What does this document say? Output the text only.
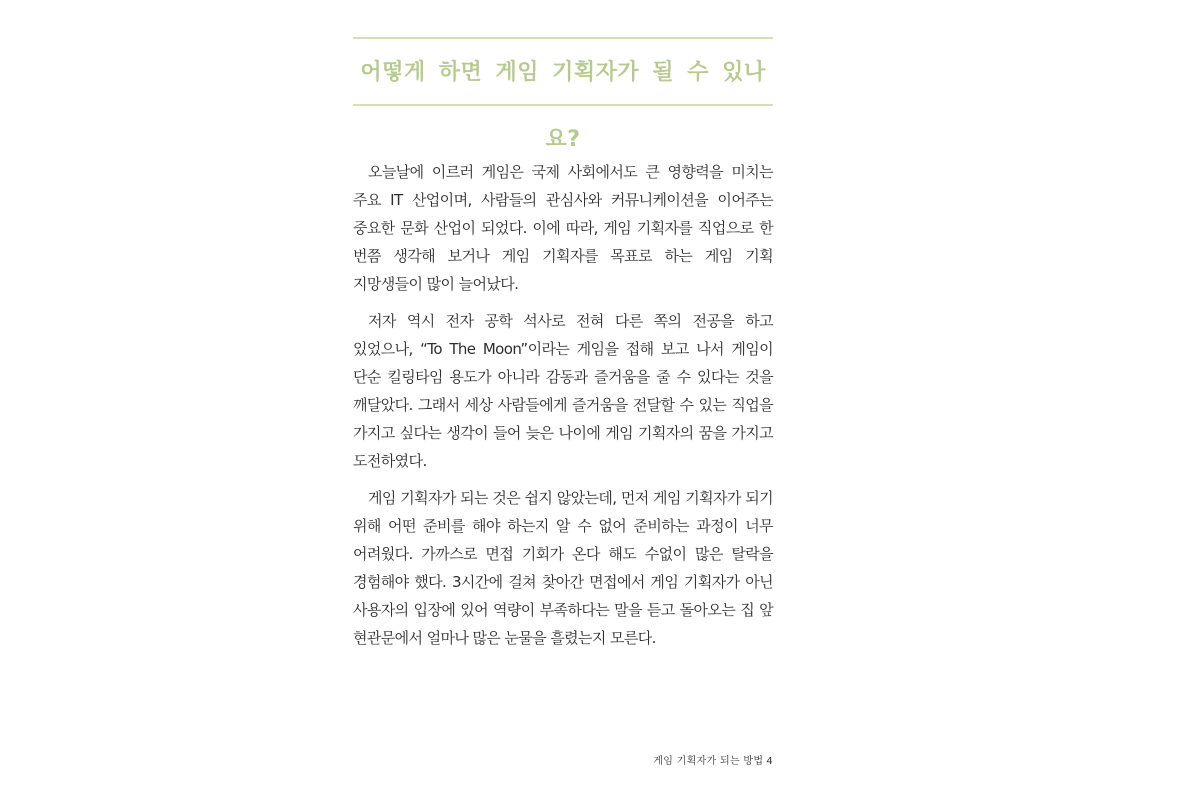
어떻게 하면 게임 기획자가 될 수 있나요?

오늘날에 이르러 게임은 국제 사회에서도 큰 영향력을 미치는 주요 IT 산업이며, 사람들의 관심사와 커뮤니케이션을 이어주는 중요한 문화 산업이 되었다. 이에 따라, 게임 기획자를 직업으로 한 번쯤 생각해 보거나 게임 기획자를 목표로 하는 게임 기획 지망생들이 많이 늘어났다.

저자 역시 전자 공학 석사로 전혀 다른 쪽의 전공을 하고 있었으나, “To The Moon”이라는 게임을 접해 보고 나서 게임이 단순 킬링타임 용도가 아니라 감동과 즐거움을 줄 수 있다는 것을 깨달았다. 그래서 세상 사람들에게 즐거움을 전달할 수 있는 직업을 가지고 싶다는 생각이 들어 늦은 나이에 게임 기획자의 꿈을 가지고 도전하였다.

게임 기획자가 되는 것은 쉽지 않았는데, 먼저 게임 기획자가 되기 위해 어떤 준비를 해야 하는지 알 수 없어 준비하는 과정이 너무 어려웠다. 가까스로 면접 기회가 온다 해도 수없이 많은 탈락을 경험해야 했다. 3시간에 걸쳐 찾아간 면접에서 게임 기획자가 아닌 사용자의 입장에 있어 역량이 부족하다는 말을 듣고 돌아오는 집 앞 현관문에서 얼마나 많은 눈물을 흘렸는지 모른다.

게임 기획자가 되는 방법 4
